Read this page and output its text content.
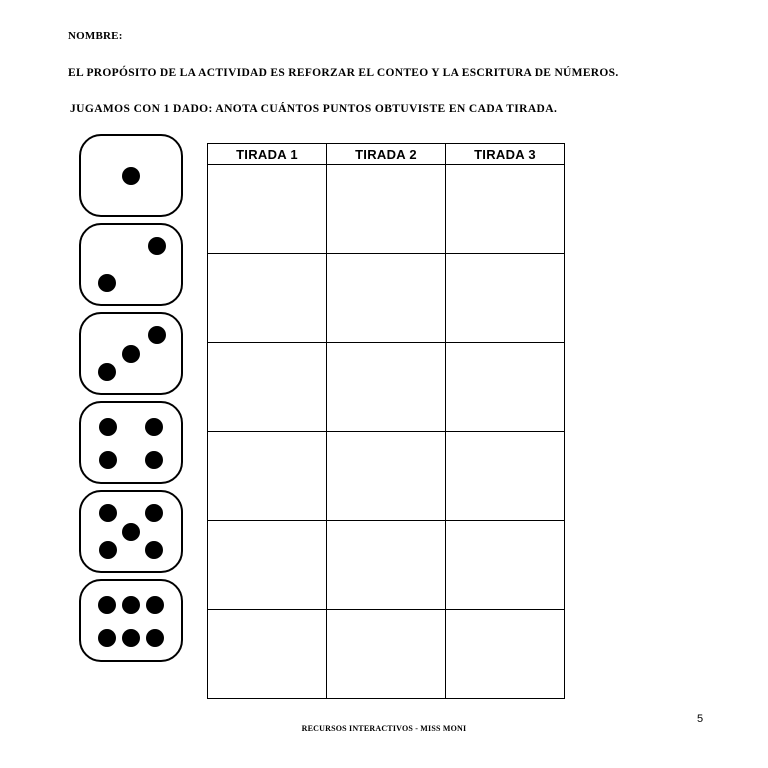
NOMBRE:
EL PROPÓSITO DE LA ACTIVIDAD ES REFORZAR EL CONTEO Y LA ESCRITURA DE NÚMEROS.
JUGAMOS CON 1 DADO: ANOTA CUÁNTOS PUNTOS OBTUVISTE EN CADA TIRADA.
TIRADA 1	TIRADA 2	TIRADA 3

5
RECURSOS INTERACTIVOS - MISS MONI
